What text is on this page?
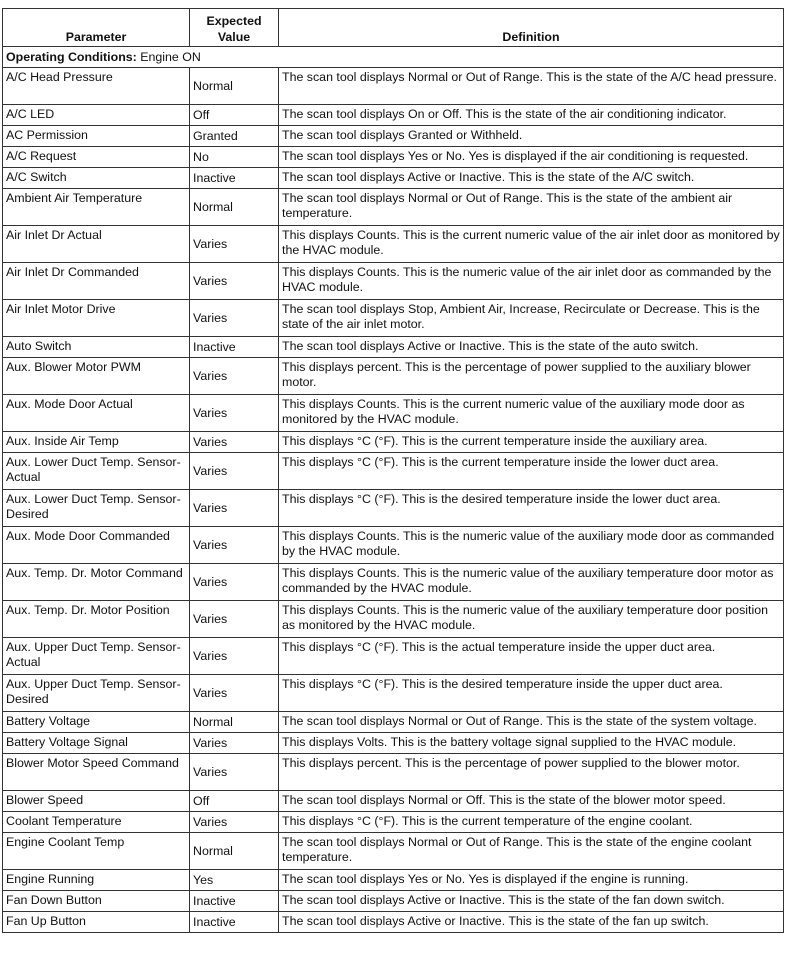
Parameter	Expected Value	Definition
Operating Conditions: Engine ON		
A/C Head Pressure	Normal	The scan tool displays Normal or Out of Range. This is the state of the A/C head pressure.
A/C LED	Off	The scan tool displays On or Off. This is the state of the air conditioning indicator.
AC Permission	Granted	The scan tool displays Granted or Withheld.
A/C Request	No	The scan tool displays Yes or No. Yes is displayed if the air conditioning is requested.
A/C Switch	Inactive	The scan tool displays Active or Inactive. This is the state of the A/C switch.
Ambient Air Temperature	Normal	The scan tool displays Normal or Out of Range. This is the state of the ambient air temperature.
Air Inlet Dr Actual	Varies	This displays Counts. This is the current numeric value of the air inlet door as monitored by the HVAC module.
Air Inlet Dr Commanded	Varies	This displays Counts. This is the numeric value of the air inlet door as commanded by the HVAC module.
Air Inlet Motor Drive	Varies	The scan tool displays Stop, Ambient Air, Increase, Recirculate or Decrease. This is the state of the air inlet motor.
Auto Switch	Inactive	The scan tool displays Active or Inactive. This is the state of the auto switch.
Aux. Blower Motor PWM	Varies	This displays percent. This is the percentage of power supplied to the auxiliary blower motor.
Aux. Mode Door Actual	Varies	This displays Counts. This is the current numeric value of the auxiliary mode door as monitored by the HVAC module.
Aux. Inside Air Temp	Varies	This displays °C (°F). This is the current temperature inside the auxiliary area.
Aux. Lower Duct Temp. Sensor-Actual	Varies	This displays °C (°F). This is the current temperature inside the lower duct area.
Aux. Lower Duct Temp. Sensor-Desired	Varies	This displays °C (°F). This is the desired temperature inside the lower duct area.
Aux. Mode Door Commanded	Varies	This displays Counts. This is the numeric value of the auxiliary mode door as commanded by the HVAC module.
Aux. Temp. Dr. Motor Command	Varies	This displays Counts. This is the numeric value of the auxiliary temperature door motor as commanded by the HVAC module.
Aux. Temp. Dr. Motor Position	Varies	This displays Counts. This is the numeric value of the auxiliary temperature door position as monitored by the HVAC module.
Aux. Upper Duct Temp. Sensor-Actual	Varies	This displays °C (°F). This is the actual temperature inside the upper duct area.
Aux. Upper Duct Temp. Sensor-Desired	Varies	This displays °C (°F). This is the desired temperature inside the upper duct area.
Battery Voltage	Normal	The scan tool displays Normal or Out of Range. This is the state of the system voltage.
Battery Voltage Signal	Varies	This displays Volts. This is the battery voltage signal supplied to the HVAC module.
Blower Motor Speed Command	Varies	This displays percent. This is the percentage of power supplied to the blower motor.
Blower Speed	Off	The scan tool displays Normal or Off. This is the state of the blower motor speed.
Coolant Temperature	Varies	This displays °C (°F). This is the current temperature of the engine coolant.
Engine Coolant Temp	Normal	The scan tool displays Normal or Out of Range. This is the state of the engine coolant temperature.
Engine Running	Yes	The scan tool displays Yes or No. Yes is displayed if the engine is running.
Fan Down Button	Inactive	The scan tool displays Active or Inactive. This is the state of the fan down switch.
Fan Up Button	Inactive	The scan tool displays Active or Inactive. This is the state of the fan up switch.
